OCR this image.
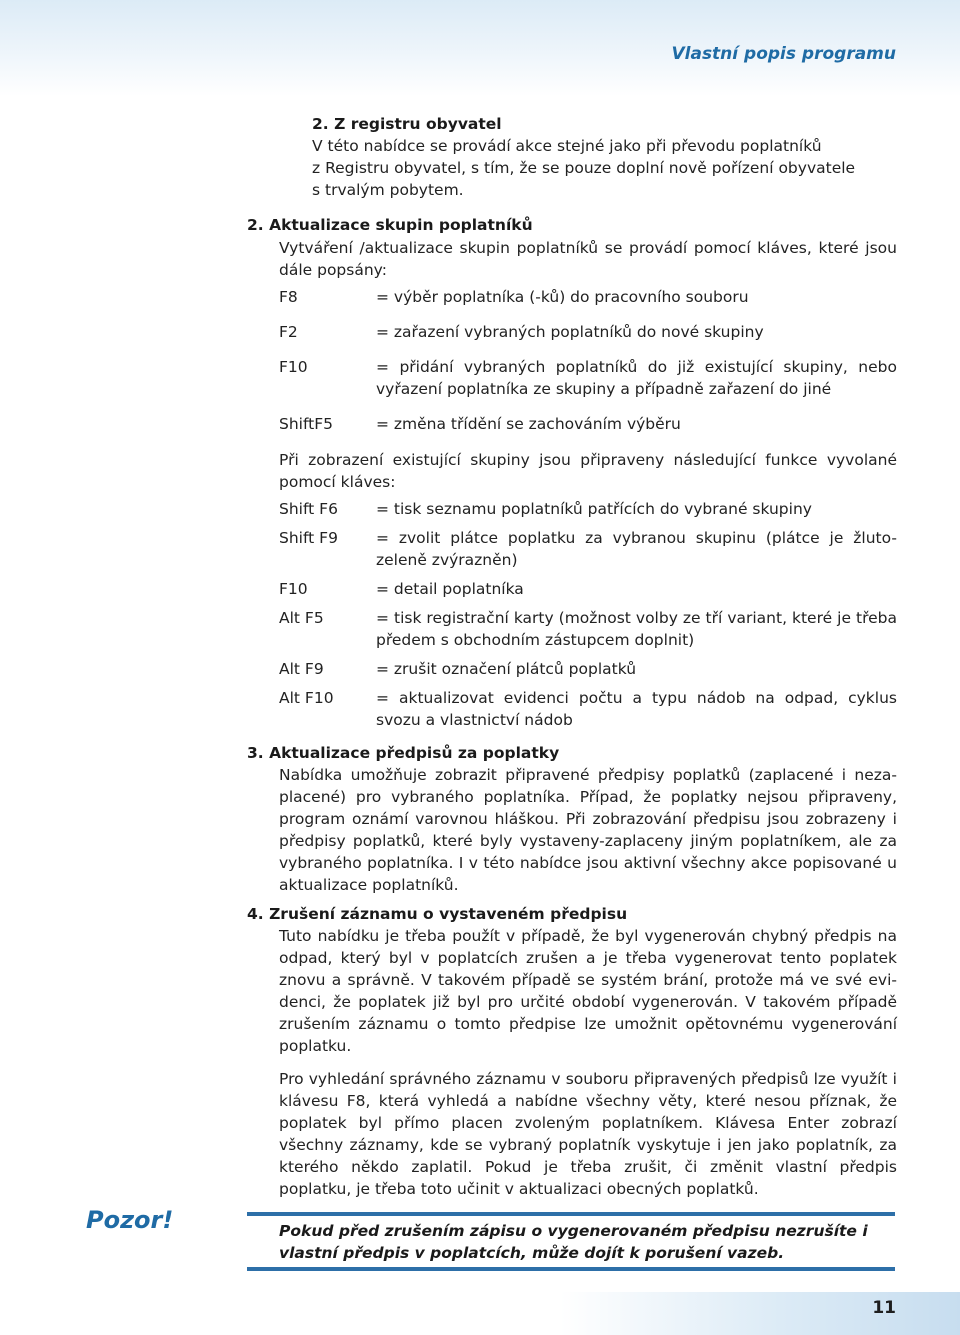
Vlastní popis programu
2. Z registru obyvatel
V této nabídce se provádí akce stejné jako při převodu poplatníků
z Registru obyvatel, s tím, že se pouze doplní nově pořízení obyvatele
s trvalým pobytem.
2. Aktualizace skupin poplatníků

Vytváření /aktualizace skupin poplatníků se provádí pomocí kláves, které jsou dále popsány:

F8	= výběr poplatníka (-ků) do pracovního souboru
F2	= zařazení vybraných poplatníků do nové skupiny
F10	= přidání vybraných poplatníků do již existující skupiny, nebo vyřazení poplatníka ze skupiny a případně zařazení do jiné
ShiftF5	= změna třídění se zachováním výběru

Při zobrazení existující skupiny jsou připraveny následující funkce vyvolané pomocí kláves:

Shift F6	= tisk seznamu poplatníků patřících do vybrané skupiny
Shift F9	= zvolit plátce poplatku za vybranou skupinu (plátce je žluto-zeleně zvýrazněn)
F10	= detail poplatníka
Alt F5	= tisk registrační karty (možnost volby ze tří variant, které je třeba předem s obchodním zástupcem doplnit)
Alt F9	= zrušit označení plátců poplatků
Alt F10	= aktualizovat evidenci počtu a typu nádob na odpad, cyklus svozu a vlastnictví nádob
3. Aktualizace předpisů za poplatky

Nabídka umožňuje zobrazit připravené předpisy poplatků (zaplacené i neza-placené) pro vybraného poplatníka. Případ, že poplatky nejsou připraveny, program oznámí varovnou hláškou. Při zobrazování předpisu jsou zobrazeny i předpisy poplatků, které byly vystaveny-zaplaceny jiným poplatníkem, ale za vybraného poplatníka. I v této nabídce jsou aktivní všechny akce popisované u aktualizace poplatníků.

4. Zrušení záznamu o vystaveném předpisu

Tuto nabídku je třeba použít v případě, že byl vygenerován chybný předpis na odpad, který byl v poplatcích zrušen a je třeba vygenerovat tento poplatek znovu a správně. V takovém případě se systém brání, protože má ve své evi-denci, že poplatek již byl pro určité období vygenerován. V takovém případě zrušením záznamu o tomto předpise lze umožnit opětovnému vygenerování poplatku.

Pro vyhledání správného záznamu v souboru připravených předpisů lze využít i klávesu F8, která vyhledá a nabídne všechny věty, které nesou příznak, že poplatek byl přímo placen zvoleným poplatníkem. Klávesa Enter zobrazí všechny záznamy, kde se vybraný poplatník vyskytuje i jen jako poplatník, za kterého někdo zaplatil. Pokud je třeba zrušit, či změnit vlastní předpis poplatku, je třeba toto učinit v aktualizaci obecných poplatků.

Pozor!	Pokud před zrušením zápisu o vygenerovaném předpisu nezrušíte i vlastní předpis v poplatcích, může dojít k porušení vazeb.
11
